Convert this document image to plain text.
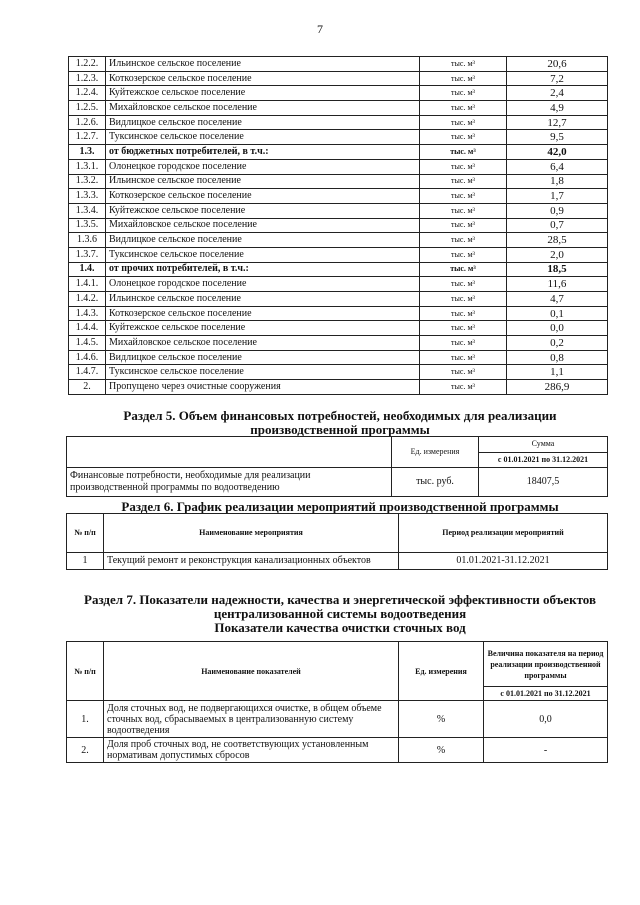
7
1.2.2.	Ильинское сельское поселение	тыс. м³	20,6
1.2.3.	Коткозерское сельское поселение	тыс. м³	7,2
1.2.4.	Куйтежское сельское поселение	тыс. м³	2,4
1.2.5.	Михайловское сельское поселение	тыс. м³	4,9
1.2.6.	Видлицкое сельское поселение	тыс. м³	12,7
1.2.7.	Туксинское сельское поселение	тыс. м³	9,5
1.3.	от бюджетных потребителей, в т.ч.:	тыс. м³	42,0
1.3.1.	Олонецкое городское поселение	тыс. м³	6,4
1.3.2.	Ильинское сельское поселение	тыс. м³	1,8
1.3.3.	Коткозерское сельское поселение	тыс. м³	1,7
1.3.4.	Куйтежское сельское поселение	тыс. м³	0,9
1.3.5.	Михайловское сельское поселение	тыс. м³	0,7
1.3.6	Видлицкое сельское поселение	тыс. м³	28,5
1.3.7.	Туксинское сельское поселение	тыс. м³	2,0
1.4.	от прочих потребителей, в т.ч.:	тыс. м³	18,5
1.4.1.	Олонецкое городское поселение	тыс. м³	11,6
1.4.2.	Ильинское сельское поселение	тыс. м³	4,7
1.4.3.	Коткозерское сельское поселение	тыс. м³	0,1
1.4.4.	Куйтежское сельское поселение	тыс. м³	0,0
1.4.5.	Михайловское сельское поселение	тыс. м³	0,2
1.4.6.	Видлицкое сельское поселение	тыс. м³	0,8
1.4.7.	Туксинское сельское поселение	тыс. м³	1,1
2.	Пропущено через очистные сооружения	тыс. м³	286,9
Раздел 5. Объем финансовых потребностей, необходимых для реализации
производственной программы
	Ед. измерения	Сумма
		с 01.01.2021 по 31.12.2021
Финансовые потребности, необходимые для реализации производственной программы по водоотведению	тыс. руб.	18407,5
Раздел 6. График реализации мероприятий производственной программы
№ п/п	Наименование мероприятия	Период реализации мероприятий
1	Текущий ремонт и реконструкция канализационных объектов	01.01.2021-31.12.2021
Раздел 7. Показатели надежности, качества и энергетической эффективности объектов
централизованной системы водоотведения
Показатели качества очистки сточных вод
№ п/п	Наименование показателей	Ед. измерения	Величина показателя на период реализации производственной программы
			с 01.01.2021 по 31.12.2021
1.	Доля сточных вод, не подвергающихся очистке, в общем объеме сточных вод, сбрасываемых в централизованную систему водоотведения	%	0,0
2.	Доля проб сточных вод, не соответствующих установленным нормативам допустимых сбросов	%	-
